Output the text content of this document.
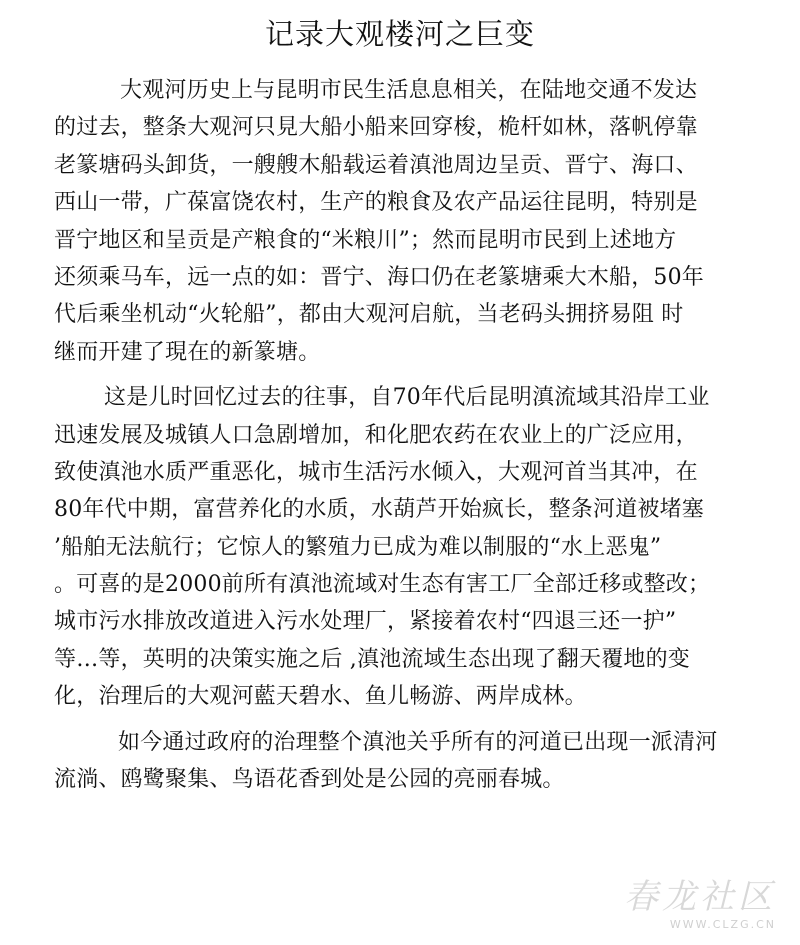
记录大观楼河之巨变
大观河历史上与昆明市民生活息息相关，在陆地交通不发达
的过去，整条大观河只見大船小船来回穿梭，桅杆如林，落帆停靠
老篆塘码头卸货，一艘艘木船载运着滇池周边呈贡、晋宁、海口、
西山一带，广葆富饶农村，生产的粮食及农产品运往昆明，特别是
晋宁地区和呈贡是产粮食的“米粮川”；然而昆明市民到上述地方
还须乘马车，远一点的如：晋宁、海口仍在老篆塘乘大木船，50年
代后乘坐机动“火轮船”，都由大观河启航，当老码头拥挤易阻 时
继而开建了現在的新篆塘。
这是儿时回忆过去的往事，自70年代后昆明滇流域其沿岸工业
迅速发展及城镇人口急剧增加，和化肥农药在农业上的广泛应用，
致使滇池水质严重恶化，城市生活污水倾入，大观河首当其冲，在
80年代中期，富营养化的水质，水葫芦开始疯长，整条河道被堵塞
’船舶无法航行；它惊人的繁殖力已成为难以制服的“水上恶鬼”
。可喜的是2000前所有滇池流域对生态有害工厂全部迁移或整改；
城市污水排放改道进入污水处理厂，紧接着农村“四退三还一护”
等…等，英明的决策实施之后 ,滇池流域生态出现了翻天覆地的变
化，治理后的大观河藍天碧水、鱼儿畅游、两岸成林。
如今通过政府的治理整个滇池关乎所有的河道已出现一派清河
流淌、鸥鹭聚集、鸟语花香到处是公园的亮丽春城。
春龙社区
WWW.CLZG.CN
